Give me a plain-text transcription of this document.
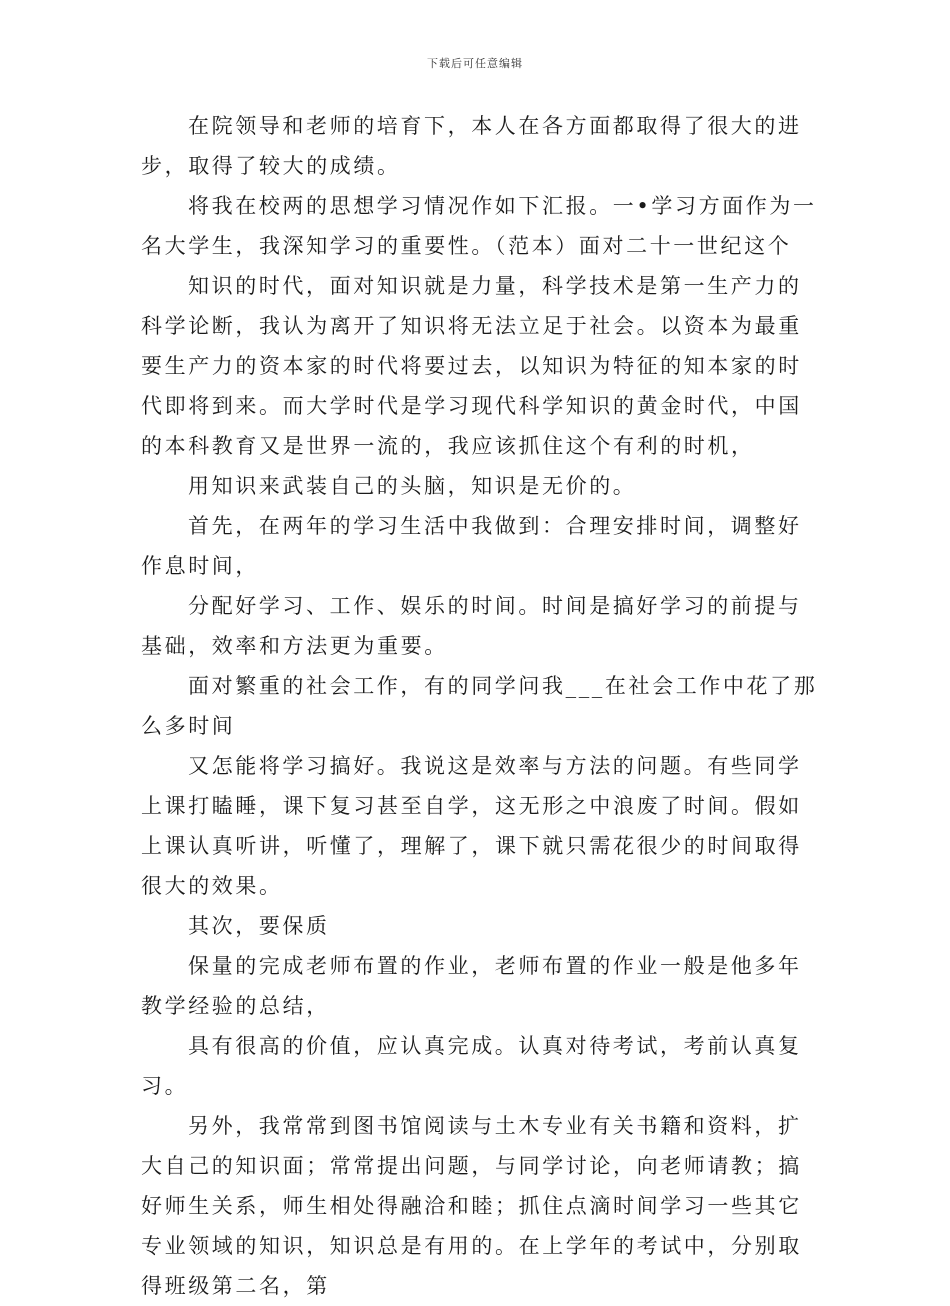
下载后可任意编辑

在院领导和老师的培育下，本人在各方面都取得了很大的进步，取得了较大的成绩。

将我在校两的思想学习情况作如下汇报。一•学习方面作为一名大学生，我深知学习的重要性。（范本）面对二十一世纪这个

知识的时代，面对知识就是力量，科学技术是第一生产力的科学论断，我认为离开了知识将无法立足于社会。以资本为最重要生产力的资本家的时代将要过去，以知识为特征的知本家的时代即将到来。而大学时代是学习现代科学知识的黄金时代，中国的本科教育又是世界一流的，我应该抓住这个有利的时机，

用知识来武装自己的头脑，知识是无价的。

首先，在两年的学习生活中我做到：合理安排时间，调整好作息时间，

分配好学习、工作、娱乐的时间。时间是搞好学习的前提与基础，效率和方法更为重要。

面对繁重的社会工作，有的同学问我___在社会工作中花了那么多时间

又怎能将学习搞好。我说这是效率与方法的问题。有些同学上课打瞌睡，课下复习甚至自学，这无形之中浪废了时间。假如上课认真听讲，听懂了，理解了，课下就只需花很少的时间取得很大的效果。

其次，要保质

保量的完成老师布置的作业，老师布置的作业一般是他多年教学经验的总结，

具有很高的价值，应认真完成。认真对待考试，考前认真复习。

另外，我常常到图书馆阅读与土木专业有关书籍和资料，扩大自己的知识面；常常提出问题，与同学讨论，向老师请教；搞好师生关系，师生相处得融洽和睦；抓住点滴时间学习一些其它专业领域的知识，知识总是有用的。在上学年的考试中，分别取得班级第二名，第
